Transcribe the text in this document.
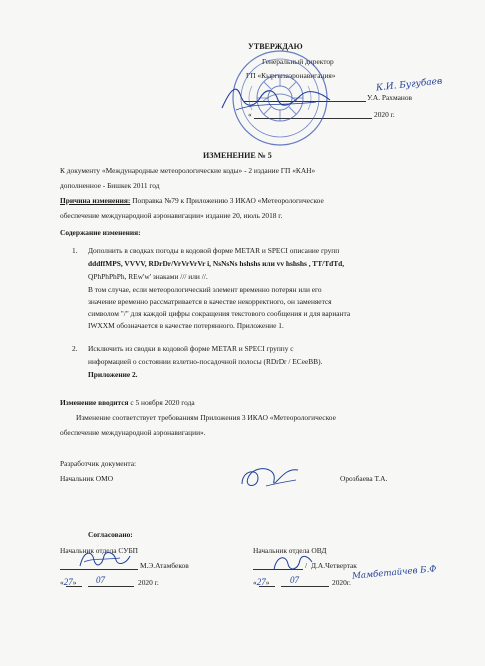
УТВЕРЖДАЮ
Генеральный директор
ГП «Кыргызаэронавигация»
У.А. Рахманов
«	2020 г.
К.И. Бугубаев
ИЗМЕНЕНИЕ № 5
К документу «Международные метеорологические коды» - 2 издание ГП «КАН»
дополненное - Бишкек 2011 год
Причина изменения: Поправка №79 к Приложению 3 ИКАО «Метеорологическое
обеспечение международной аэронавигации» издание 20, июль 2018 г.
Содержание изменения:
1. Дополнить в сводках погоды в кодовой форме METAR и SPECI описание групп
dddffMPS, VVVV, RDrDr/VrVrVrVr i, NsNsNs hshshs или vv hshshs , TT/TdTd,
QPhPhPhPh, REw'w' знаками /// или //.
В том случае, если метеорологический элемент временно потерян или его
значение временно рассматривается в качестве некорректного, он заменяется
символом "/" для каждой цифры сокращения текстового сообщения и для варианта
IWXXM обозначается в качестве потерянного. Приложение 1.
2. Исключить из сводки в кодовой форме METAR и SPECI группу с
информацией о состоянии взлетно-посадочной полосы (RDrDr / ECeeBB).
Приложение 2.
Изменение вводится с 5 ноября 2020 года
Изменение соответствует требованиям Приложения 3 ИКАО «Метеорологическое
обеспечение международной аэронавигации».
Разработчик документа:
Начальник ОМО	Орозбаева Т.А.
Согласовано:
Начальник отдела СУБП
М.Э.Атамбеков
«27» 07	2020 г.
Начальник отдела ОВД
/ Д.А.Четвертак
«27» 07	2020г.
Мамбетайчев Б.Ф
